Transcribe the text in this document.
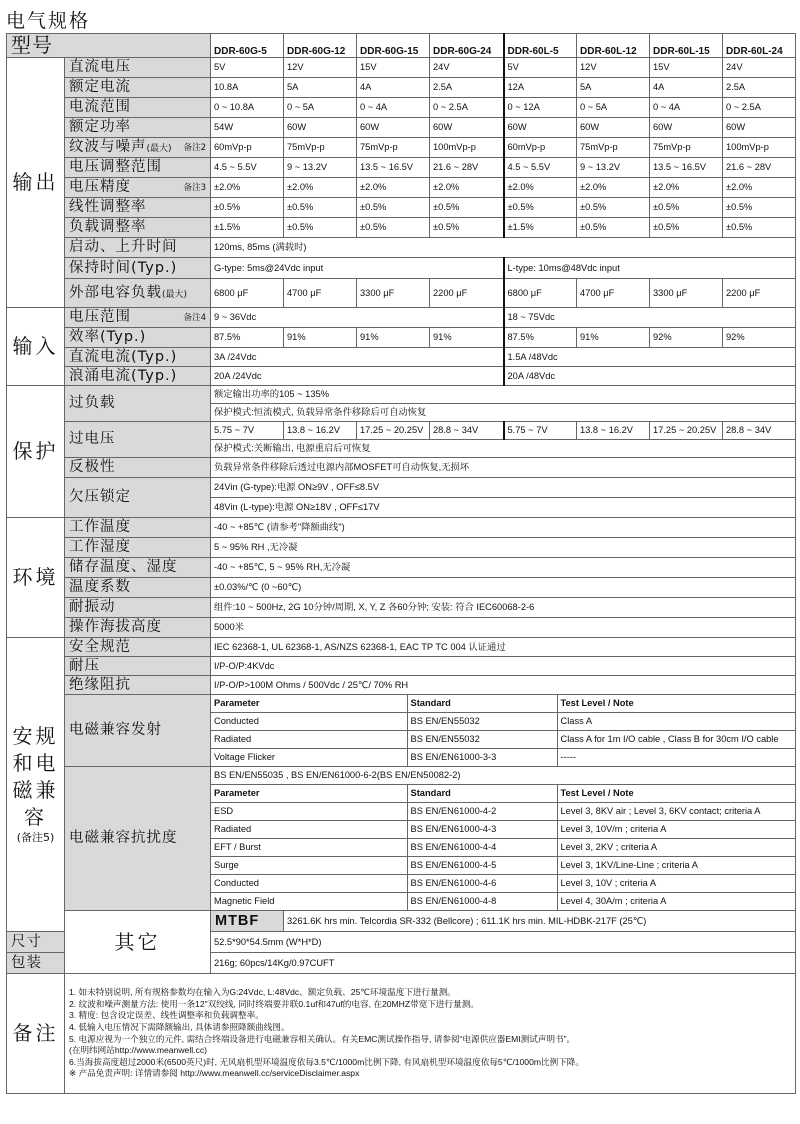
电气规格
型号	DDR-60G-5	DDR-60G-12	DDR-60G-15	DDR-60G-24	DDR-60L-5	DDR-60L-12	DDR-60L-15	DDR-60L-24
输出	直流电压	5V	12V	15V	24V	5V	12V	15V	24V
额定电流	10.8A	5A	4A	2.5A	12A	5A	4A	2.5A
电流范围	0 ~ 10.8A	0 ~ 5A	0 ~ 4A	0 ~ 2.5A	0 ~ 12A	0 ~ 5A	0 ~ 4A	0 ~ 2.5A
额定功率	54W	60W	60W	60W	60W	60W	60W	60W
纹波与噪声(最大) 备注2	60mVp-p	75mVp-p	75mVp-p	100mVp-p	60mVp-p	75mVp-p	75mVp-p	100mVp-p
电压调整范围	4.5 ~ 5.5V	9 ~ 13.2V	13.5 ~ 16.5V	21.6 ~ 28V	4.5 ~ 5.5V	9 ~ 13.2V	13.5 ~ 16.5V	21.6 ~ 28V
电压精度	备注3	±2.0%	±2.0%	±2.0%	±2.0%	±2.0%	±2.0%	±2.0%	±2.0%
线性调整率	±0.5%	±0.5%	±0.5%	±0.5%	±0.5%	±0.5%	±0.5%	±0.5%
负载调整率	±1.5%	±0.5%	±0.5%	±0.5%	±1.5%	±0.5%	±0.5%	±0.5%
启动、上升时间	120ms, 85ms (满载时)
保持时间(Typ.)	G-type: 5ms@24Vdc input	L-type: 10ms@48Vdc input
外部电容负载(最大)	6800 μF	4700 μF	3300 μF	2200 μF	6800 μF	4700 μF	3300 μF	2200 μF
输入	电压范围	备注4	9 ~ 36Vdc	18 ~ 75Vdc
效率(Typ.)	87.5%	91%	91%	91%	87.5%	91%	92%	92%
直流电流(Typ.)	3A /24Vdc	1.5A /48Vdc
浪涌电流(Typ.)	20A /24Vdc	20A /48Vdc
保护	过负载	额定输出功率的105 ~ 135%
保护模式:恒流模式, 负载异常条件移除后可自动恢复
过电压	5.75 ~ 7V	13.8 ~ 16.2V	17.25 ~ 20.25V	28.8 ~ 34V	5.75 ~ 7V	13.8 ~ 16.2V	17.25 ~ 20.25V	28.8 ~ 34V
保护模式:关断输出, 电源重启后可恢复
反极性	负载异常条件移除后透过电源内部MOSFET可自动恢复,无损坏
欠压锁定	24Vin (G-type):电源 ON≥9V , OFF≤8.5V
48Vin (L-type):电源 ON≥18V , OFF≤17V
环境	工作温度	-40 ~ +85℃ (请参考"降额曲线")
工作湿度	5 ~ 95% RH ,无冷凝
储存温度、湿度	-40 ~ +85℃, 5 ~ 95% RH,无冷凝
温度系数	±0.03%/℃ (0 ~60℃)
耐振动	组件:10 ~ 500Hz, 2G 10分钟/周期, X, Y, Z 各60分钟; 安装: 符合 IEC60068-2-6
操作海拔高度	5000米
安规和电磁兼容
(备注5)
	安全规范	IEC 62368-1, UL 62368-1, AS/NZS 62368-1, EAC TP TC 004 认证通过
耐压	I/P-O/P:4KVdc
绝缘阻抗	I/P-O/P>100M Ohms / 500Vdc / 25℃/ 70% RH
电磁兼容发射	
Parameter	Standard	Test Level / Note
Conducted	BS EN/EN55032	Class A
Radiated	BS EN/EN55032	Class A for 1m I/O cable , Class B for 30cm I/O cable
Voltage Flicker	BS EN/EN61000-3-3	-----

电磁兼容抗扰度	
BS EN/EN55035 , BS EN/EN61000-6-2(BS EN/EN50082-2)
Parameter	Standard	Test Level / Note
ESD	BS EN/EN61000-4-2	Level 3, 8KV air ; Level 3, 6KV contact; criteria A
Radiated	BS EN/EN61000-4-3	Level 3, 10V/m ; criteria A
EFT / Burst	BS EN/EN61000-4-4	Level 3, 2KV ; criteria A
Surge	BS EN/EN61000-4-5	Level 3, 1KV/Line-Line ; criteria A
Conducted	BS EN/EN61000-4-6	Level 3, 10V ; criteria A
Magnetic Field	BS EN/EN61000-4-8	Level 4, 30A/m ; criteria A

其它	MTBF	3261.6K hrs min. Telcordia SR-332 (Bellcore) ; 611.1K hrs min. MIL-HDBK-217F (25℃)
尺寸	52.5*90*54.5mm (W*H*D)
包装	216g; 60pcs/14Kg/0.97CUFT
备注	
1. 如未特别说明, 所有规格参数均在输入为G:24Vdc, L:48Vdc、额定负载、25℃环境温度下进行量测。
2. 纹波和噪声测量方法: 使用一条12"双绞线, 同时终端要并联0.1uf和47uf的电容, 在20MHZ带宽下进行量测。
3. 精度: 包含设定误差、线性调整率和负载调整率。
4. 低输入电压情况下需降额输出, 具体请参照降额曲线图。
5. 电源应视为一个独立的元件, 需结合终端设备进行电磁兼容相关确认。有关EMC测试操作指导, 请参阅“电源供应器EMI测试声明书”。
(在明纬网站http://www.meanwell.cc)
6.当海拔高度超过2000米(6500英尺)时, 无风扇机型环境温度依每3.5℃/1000m比例下降, 有风扇机型环境温度依每5℃/1000m比例下降。
※ 产品免责声明: 详情请参阅 http://www.meanwell.cc/serviceDisclaimer.aspx
